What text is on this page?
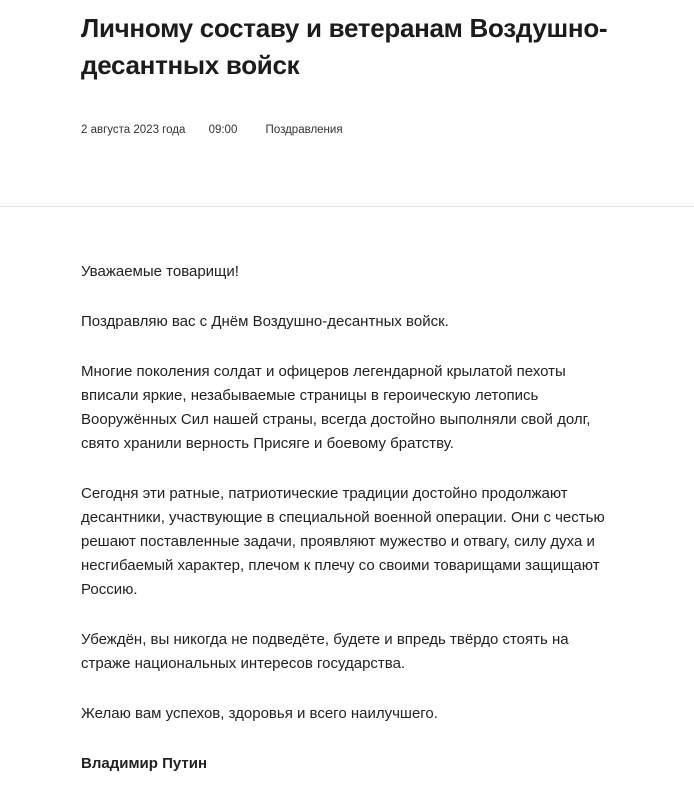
Личному составу и ветеранам Воздушно-десантных войск
2 августа 2023 года 09:00 Поздравления

Уважаемые товарищи!

Поздравляю вас с Днём Воздушно-десантных войск.

Многие поколения солдат и офицеров легендарной крылатой пехоты вписали яркие, незабываемые страницы в героическую летопись Вооружённых Сил нашей страны, всегда достойно выполняли свой долг, свято хранили верность Присяге и боевому братству.

Сегодня эти ратные, патриотические традиции достойно продолжают десантники, участвующие в специальной военной операции. Они с честью решают поставленные задачи, проявляют мужество и отвагу, силу духа и несгибаемый характер, плечом к плечу со своими товарищами защищают Россию.

Убеждён, вы никогда не подведёте, будете и впредь твёрдо стоять на страже национальных интересов государства.

Желаю вам успехов, здоровья и всего наилучшего.

Владимир Путин
